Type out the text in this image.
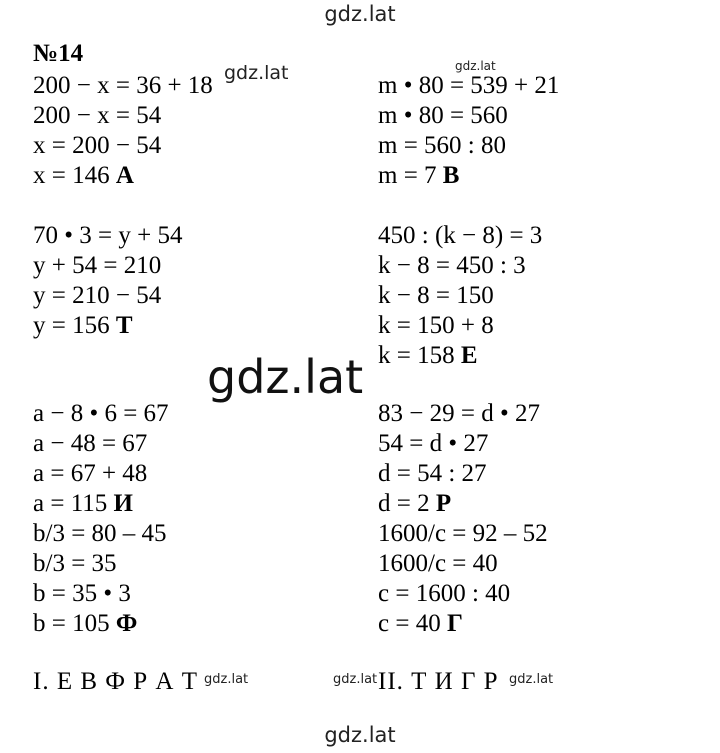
gdz.lat
gdz.lat	gdz.lat
№14
200 − x = 36 + 18
200 − x = 54
x = 200 − 54
x = 146 А
m • 80 = 539 + 21
m • 80 = 560
m = 560 : 80
m = 7 В
70 • 3 = y + 54
y + 54 = 210
y = 210 − 54
y = 156 Т
450 : (k − 8) = 3
k − 8 = 450 : 3
k − 8 = 150
k = 150 + 8
k = 158 Е
gdz.lat
a − 8 • 6 = 67
a − 48 = 67
a = 67 + 48
a = 115 И
b/3 = 80 – 45
b/3 = 35
b = 35 • 3
b = 105 Ф
83 − 29 = d • 27
54 = d • 27
d = 54 : 27
d = 2 Р
1600/c = 92 – 52
1600/c = 40
c = 1600 : 40
c = 40 Г
I. Е В Ф Р А Т gdz.lat	gdz.lat II. Т И Г Р gdz.lat
gdz.lat
